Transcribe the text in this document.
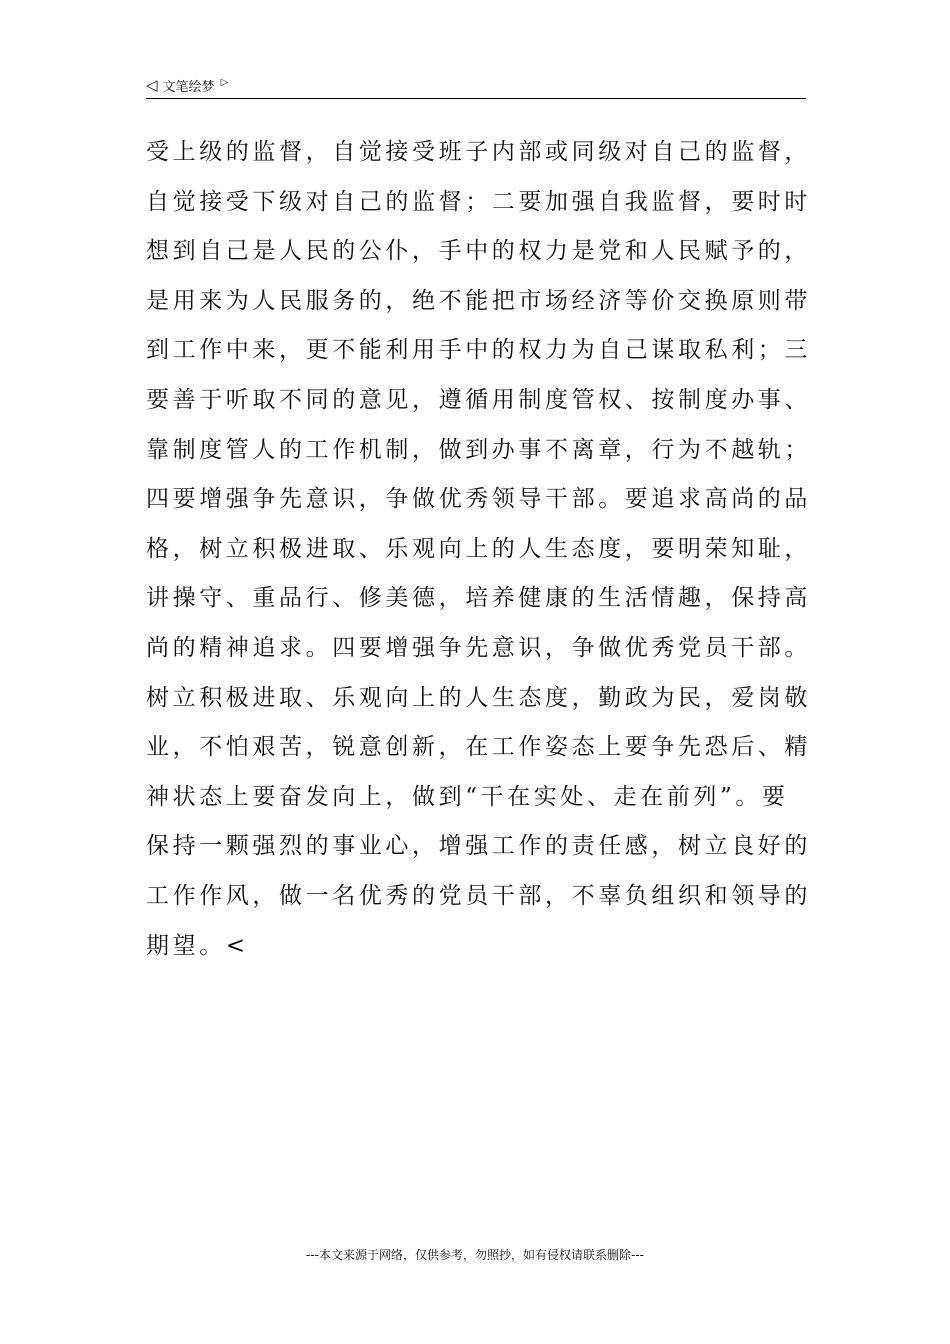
◁ 文笔绘梦 ▷
受上级的监督，自觉接受班子内部或同级对自己的监督，
自觉接受下级对自己的监督；二要加强自我监督，要时时
想到自己是人民的公仆，手中的权力是党和人民赋予的，
是用来为人民服务的，绝不能把市场经济等价交换原则带
到工作中来，更不能利用手中的权力为自己谋取私利；三
要善于听取不同的意见，遵循用制度管权、按制度办事、
靠制度管人的工作机制，做到办事不离章，行为不越轨；
四要增强争先意识，争做优秀领导干部。要追求高尚的品
格，树立积极进取、乐观向上的人生态度，要明荣知耻，
讲操守、重品行、修美德，培养健康的生活情趣，保持高
尚的精神追求。四要增强争先意识，争做优秀党员干部。
树立积极进取、乐观向上的人生态度，勤政为民，爱岗敬
业，不怕艰苦，锐意创新，在工作姿态上要争先恐后、精
神状态上要奋发向上，做到“干在实处、走在前列”。要
保持一颗强烈的事业心，增强工作的责任感，树立良好的
工作作风，做一名优秀的党员干部，不辜负组织和领导的
期望。<
---本文来源于网络，仅供参考，勿照抄，如有侵权请联系删除---
